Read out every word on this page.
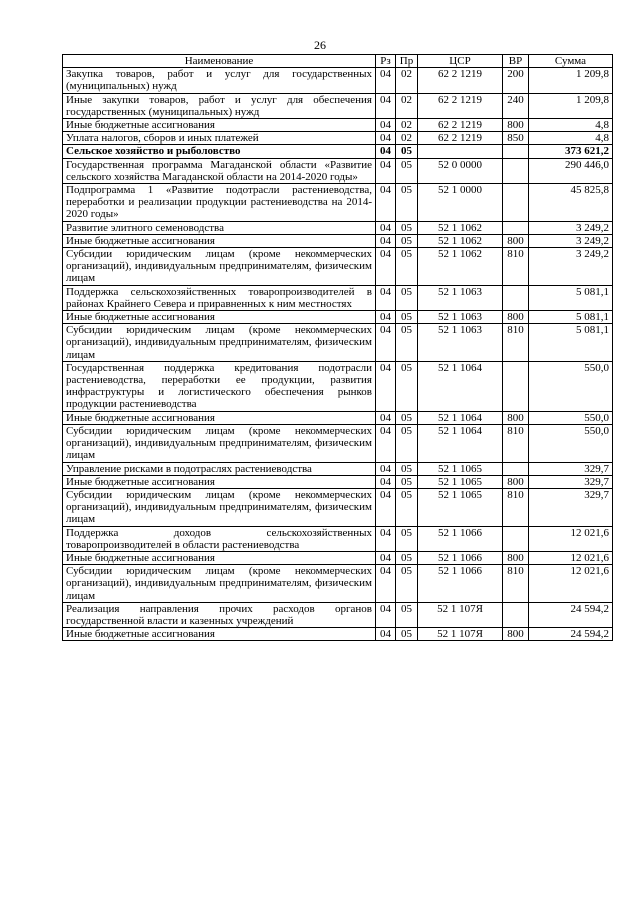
26
Наименование	Рз	Пр	ЦСР	ВР	Сумма
Закупка товаров, работ и услуг для государственных (муниципальных) нужд	04	02	62 2 1219	200	1 209,8
Иные закупки товаров, работ и услуг для обеспечения государственных (муниципальных) нужд	04	02	62 2 1219	240	1 209,8
Иные бюджетные ассигнования	04	02	62 2 1219	800	4,8
Уплата налогов, сборов и иных платежей	04	02	62 2 1219	850	4,8
Сельское хозяйство и рыболовство	04	05			373 621,2
Государственная программа Магаданской области «Развитие сельского хозяйства Магаданской области на 2014-2020 годы»	04	05	52 0 0000		290 446,0
Подпрограмма 1 «Развитие подотрасли растениеводства, переработки и реализации продукции растениеводства на 2014-2020 годы»	04	05	52 1 0000		45 825,8
Развитие элитного семеноводства	04	05	52 1 1062		3 249,2
Иные бюджетные ассигнования	04	05	52 1 1062	800	3 249,2
Субсидии юридическим лицам (кроме некоммерческих организаций), индивидуальным предпринимателям, физическим лицам	04	05	52 1 1062	810	3 249,2
Поддержка сельскохозяйственных товаропроизводителей в районах Крайнего Севера и приравненных к ним местностях	04	05	52 1 1063		5 081,1
Иные бюджетные ассигнования	04	05	52 1 1063	800	5 081,1
Субсидии юридическим лицам (кроме некоммерческих организаций), индивидуальным предпринимателям, физическим лицам	04	05	52 1 1063	810	5 081,1
Государственная поддержка кредитования подотрасли растениеводства, переработки ее продукции, развития инфраструктуры и логистического обеспечения рынков продукции растениеводства	04	05	52 1 1064		550,0
Иные бюджетные ассигнования	04	05	52 1 1064	800	550,0
Субсидии юридическим лицам (кроме некоммерческих организаций), индивидуальным предпринимателям, физическим лицам	04	05	52 1 1064	810	550,0
Управление рисками в подотраслях растениеводства	04	05	52 1 1065		329,7
Иные бюджетные ассигнования	04	05	52 1 1065	800	329,7
Субсидии юридическим лицам (кроме некоммерческих организаций), индивидуальным предпринимателям, физическим лицам	04	05	52 1 1065	810	329,7
Поддержка доходов сельскохозяйственных товаропроизводителей в области растениеводства	04	05	52 1 1066		12 021,6
Иные бюджетные ассигнования	04	05	52 1 1066	800	12 021,6
Субсидии юридическим лицам (кроме некоммерческих организаций), индивидуальным предпринимателям, физическим лицам	04	05	52 1 1066	810	12 021,6
Реализация направления прочих расходов органов государственной власти и казенных учреждений	04	05	52 1 107Я		24 594,2
Иные бюджетные ассигнования	04	05	52 1 107Я	800	24 594,2
